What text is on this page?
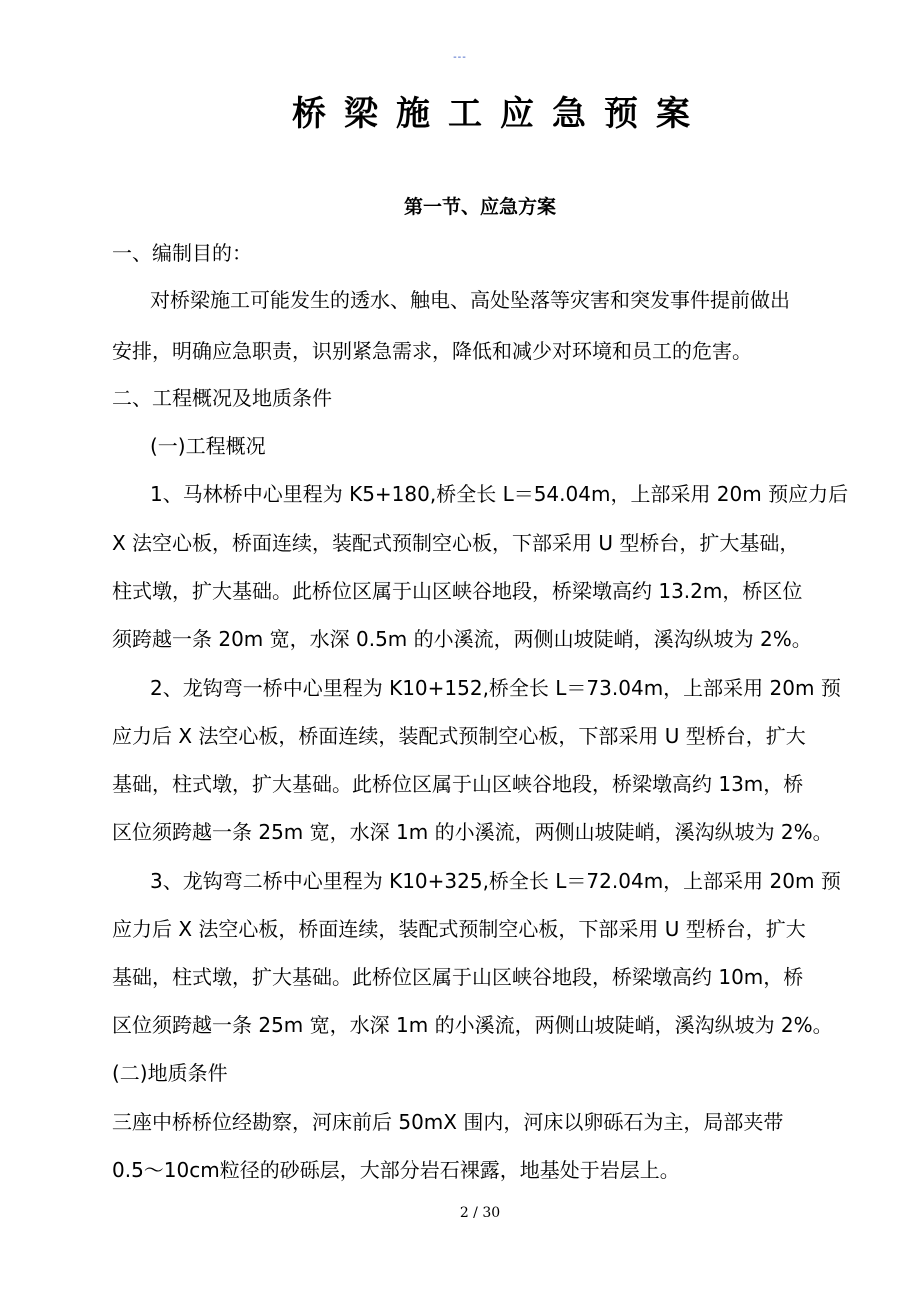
---
桥梁施工应急预案
第一节、应急方案
一、编制目的：
对桥梁施工可能发生的透水、触电、高处坠落等灾害和突发事件提前做出
安排，明确应急职责，识别紧急需求，降低和减少对环境和员工的危害。
二、工程概况及地质条件
(一)工程概况
1、马林桥中心里程为 K5+180,桥全长 L＝54.04m，上部采用 20m 预应力后
X 法空心板，桥面连续，装配式预制空心板，下部采用 U 型桥台，扩大基础，
柱式墩，扩大基础。此桥位区属于山区峡谷地段，桥梁墩高约 13.2m，桥区位
须跨越一条 20m 宽，水深 0.5m 的小溪流，两侧山坡陡峭，溪沟纵坡为 2%。
2、龙钩弯一桥中心里程为 K10+152,桥全长 L＝73.04m，上部采用 20m 预
应力后 X 法空心板，桥面连续，装配式预制空心板，下部采用 U 型桥台，扩大
基础，柱式墩，扩大基础。此桥位区属于山区峡谷地段，桥梁墩高约 13m，桥
区位须跨越一条 25m 宽，水深 1m 的小溪流，两侧山坡陡峭，溪沟纵坡为 2%。
3、龙钩弯二桥中心里程为 K10+325,桥全长 L＝72.04m，上部采用 20m 预
应力后 X 法空心板，桥面连续，装配式预制空心板，下部采用 U 型桥台，扩大
基础，柱式墩，扩大基础。此桥位区属于山区峡谷地段，桥梁墩高约 10m，桥
区位须跨越一条 25m 宽，水深 1m 的小溪流，两侧山坡陡峭，溪沟纵坡为 2%。
(二)地质条件
三座中桥桥位经勘察，河床前后 50mX 围内，河床以卵砾石为主，局部夹带
0.5～10cm粒径的砂砾层，大部分岩石裸露，地基处于岩层上。
2 / 30
